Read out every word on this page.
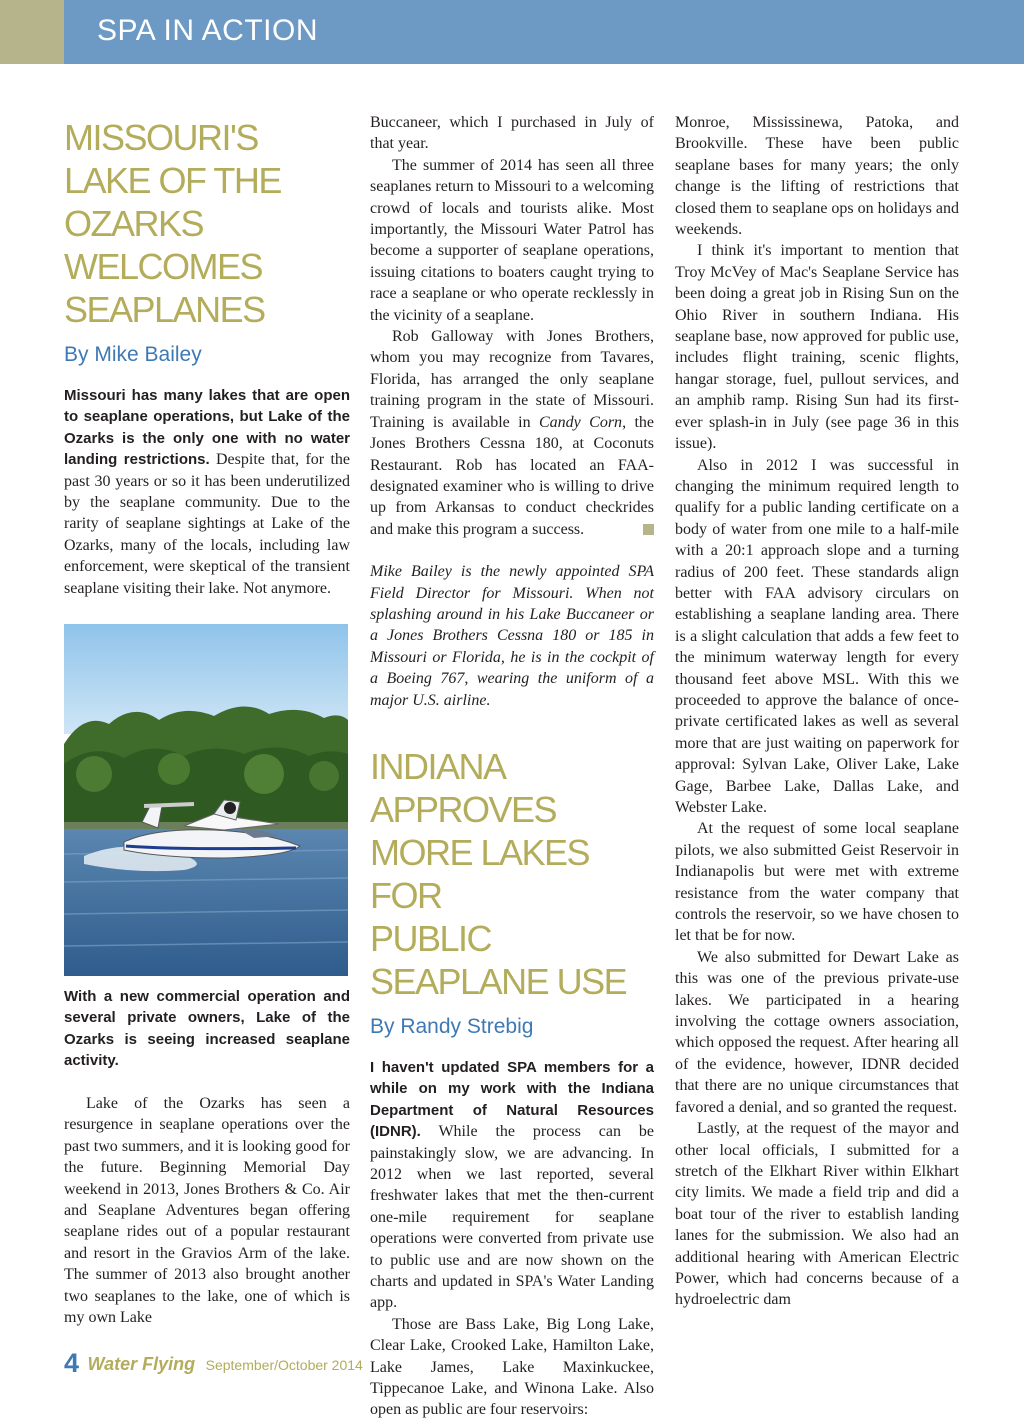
SPA IN ACTION
MISSOURI'S
LAKE OF THE OZARKS
WELCOMES
SEAPLANES
By Mike Bailey

Missouri has many lakes that are open to seaplane operations, but Lake of the Ozarks is the only one with no water landing restrictions. Despite that, for the past 30 years or so it has been underutilized by the seaplane community. Due to the rarity of seaplane sightings at Lake of the Ozarks, many of the locals, including law enforcement, were skeptical of the transient seaplane visiting their lake. Not anymore.

With a new commercial operation and several private owners, Lake of the Ozarks is seeing increased seaplane activity.

Lake of the Ozarks has seen a resurgence in seaplane operations over the past two summers, and it is looking good for the future. Beginning Memorial Day weekend in 2013, Jones Brothers & Co. Air and Seaplane Adventures began offering seaplane rides out of a popular restaurant and resort in the Gravios Arm of the lake. The summer of 2013 also brought another two seaplanes to the lake, one of which is my own Lake

Buccaneer, which I purchased in July of that year.

The summer of 2014 has seen all three seaplanes return to Missouri to a welcoming crowd of locals and tourists alike. Most importantly, the Missouri Water Patrol has become a supporter of seaplane operations, issuing citations to boaters caught trying to race a seaplane or who operate recklessly in the vicinity of a seaplane.

Rob Galloway with Jones Brothers, whom you may recognize from Tavares, Florida, has arranged the only seaplane training program in the state of Missouri. Training is available in Candy Corn, the Jones Brothers Cessna 180, at Coconuts Restaurant. Rob has located an FAA-designated examiner who is willing to drive up from Arkansas to conduct checkrides and make this program a success.

Mike Bailey is the newly appointed SPA Field Director for Missouri. When not splashing around in his Lake Buccaneer or a Jones Brothers Cessna 180 or 185 in Missouri or Florida, he is in the cockpit of a Boeing 767, wearing the uniform of a major U.S. airline.

INDIANA APPROVES
MORE LAKES FOR
PUBLIC SEAPLANE USE
By Randy Strebig

I haven't updated SPA members for a while on my work with the Indiana Department of Natural Resources (IDNR). While the process can be painstakingly slow, we are advancing. In 2012 when we last reported, several freshwater lakes that met the then-current one-mile requirement for seaplane operations were converted from private use to public use and are now shown on the charts and updated in SPA's Water Landing app.

Those are Bass Lake, Big Long Lake, Clear Lake, Crooked Lake, Hamilton Lake, Lake James, Lake Maxinkuckee, Tippecanoe Lake, and Winona Lake. Also open as public are four reservoirs:

Monroe, Mississinewa, Patoka, and Brookville. These have been public seaplane bases for many years; the only change is the lifting of restrictions that closed them to seaplane ops on holidays and weekends.

I think it's important to mention that Troy McVey of Mac's Seaplane Service has been doing a great job in Rising Sun on the Ohio River in southern Indiana. His seaplane base, now approved for public use, includes flight training, scenic flights, hangar storage, fuel, pullout services, and an amphib ramp. Rising Sun had its first-ever splash-in in July (see page 36 in this issue).

Also in 2012 I was successful in changing the minimum required length to qualify for a public landing certificate on a body of water from one mile to a half-mile with a 20:1 approach slope and a turning radius of 200 feet. These standards align better with FAA advisory circulars on establishing a seaplane landing area. There is a slight calculation that adds a few feet to the minimum waterway length for every thousand feet above MSL. With this we proceeded to approve the balance of once-private certificated lakes as well as several more that are just waiting on paperwork for approval: Sylvan Lake, Oliver Lake, Lake Gage, Barbee Lake, Dallas Lake, and Webster Lake.

At the request of some local seaplane pilots, we also submitted Geist Reservoir in Indianapolis but were met with extreme resistance from the water company that controls the reservoir, so we have chosen to let that be for now.

We also submitted for Dewart Lake as this was one of the previous private-use lakes. We participated in a hearing involving the cottage owners association, which opposed the request. After hearing all of the evidence, however, IDNR decided that there are no unique circumstances that favored a denial, and so granted the request.

Lastly, at the request of the mayor and other local officials, I submitted for a stretch of the Elkhart River within Elkhart city limits. We made a field trip and did a boat tour of the river to establish landing lanes for the submission. We also had an additional hearing with American Electric Power, which had concerns because of a hydroelectric dam

4 Water Flying September/October 2014
